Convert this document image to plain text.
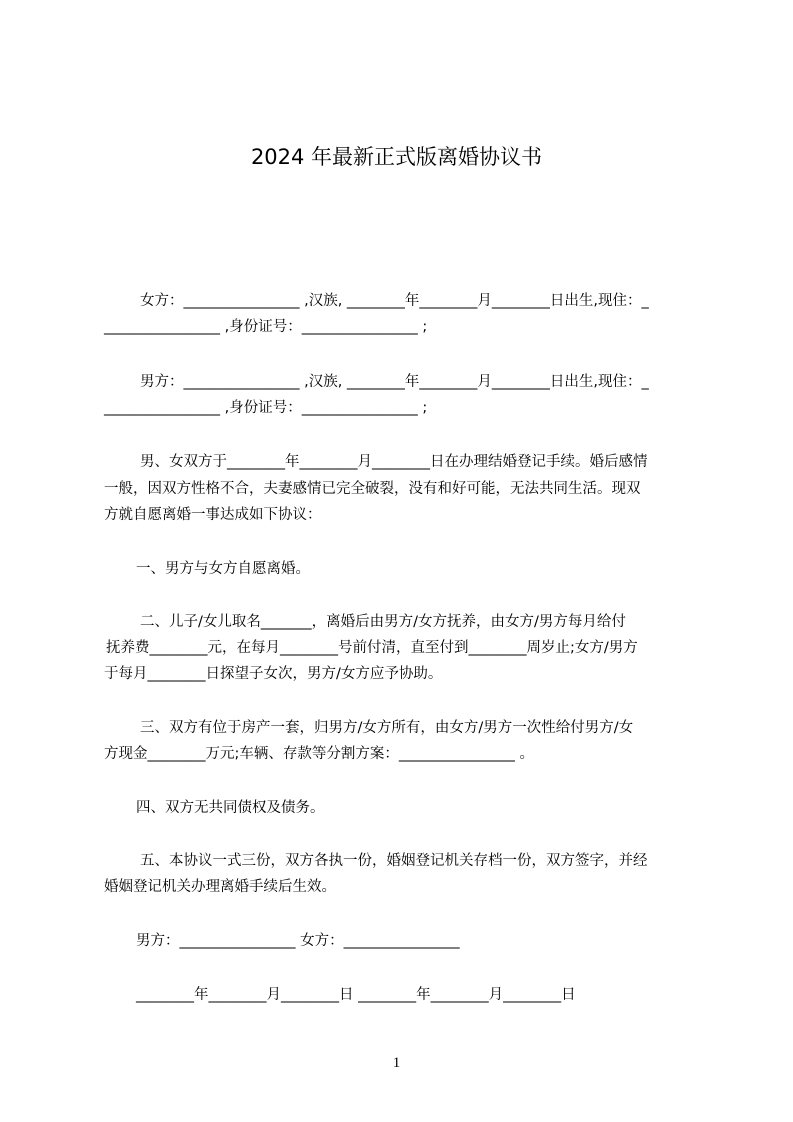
2024 年最新正式版离婚协议书
女方：________________ ,汉族, ________年________月________日出生,现住：_
________________ ,身份证号：________________ ;
男方：________________ ,汉族, ________年________月________日出生,现住：_
________________ ,身份证号：________________ ;
男、女双方于________年________月________日在办理结婚登记手续。婚后感情
一般，因双方性格不合，夫妻感情已完全破裂，没有和好可能，无法共同生活。现双
方就自愿离婚一事达成如下协议：
一、男方与女方自愿离婚。
二、儿子/女儿取名_______，离婚后由男方/女方抚养，由女方/男方每月给付
抚养费________元，在每月________号前付清，直至付到________周岁止;女方/男方
于每月________日探望子女次，男方/女方应予协助。
三、双方有位于房产一套，归男方/女方所有，由女方/男方一次性给付男方/女
方现金________万元;车辆、存款等分割方案：________________ 。
四、双方无共同债权及债务。
五、本协议一式三份，双方各执一份，婚姻登记机关存档一份，双方签字，并经
婚姻登记机关办理离婚手续后生效。
男方：________________ 女方：________________
________年________月________日 ________年________月________日
1
